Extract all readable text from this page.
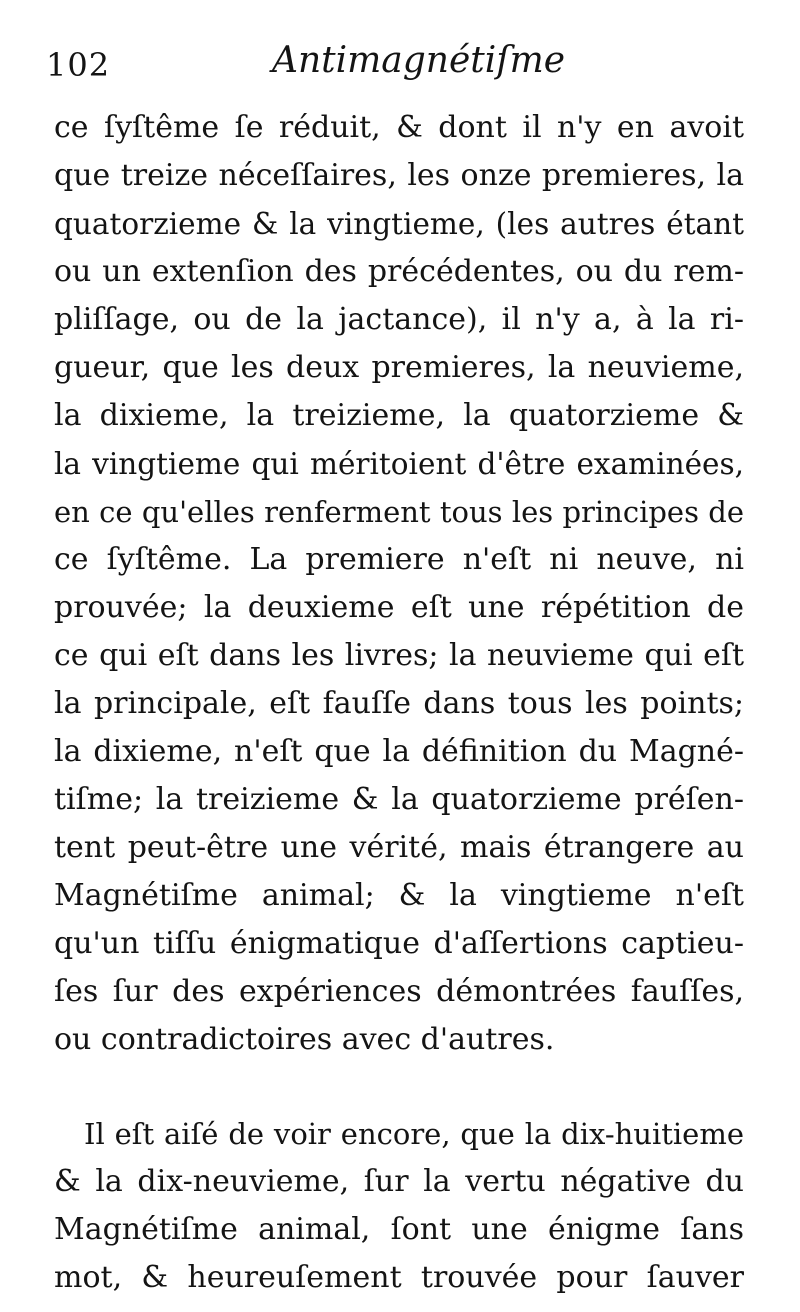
102	Antimagnétiſme
ce ſyſtême ſe réduit, & dont il n'y en avoit
que treize néceſſaires, les onze premieres, la
quatorzieme & la vingtieme, (les autres étant
ou un extenſion des précédentes, ou du rem-
pliſſage, ou de la jactance), il n'y a, à la ri-
gueur, que les deux premieres, la neuvieme,
la dixieme, la treizieme, la quatorzieme &
la vingtieme qui méritoient d'être examinées,
en ce qu'elles renferment tous les principes de
ce ſyſtême. La premiere n'eſt ni neuve, ni
prouvée; la deuxieme eſt une répétition de
ce qui eſt dans les livres; la neuvieme qui eſt
la principale, eſt fauſſe dans tous les points;
la dixieme, n'eſt que la définition du Magné-
tiſme; la treizieme & la quatorzieme préſen-
tent peut-être une vérité, mais étrangere au
Magnétiſme animal; & la vingtieme n'eſt
qu'un tiſſu énigmatique d'aſſertions captieu-
ſes ſur des expériences démontrées fauſſes,
ou contradictoires avec d'autres.
Il eſt aiſé de voir encore, que la dix-huitieme
& la dix-neuvieme, ſur la vertu négative du
Magnétiſme animal, ſont une énigme ſans
mot, & heureuſement trouvée pour ſauver
